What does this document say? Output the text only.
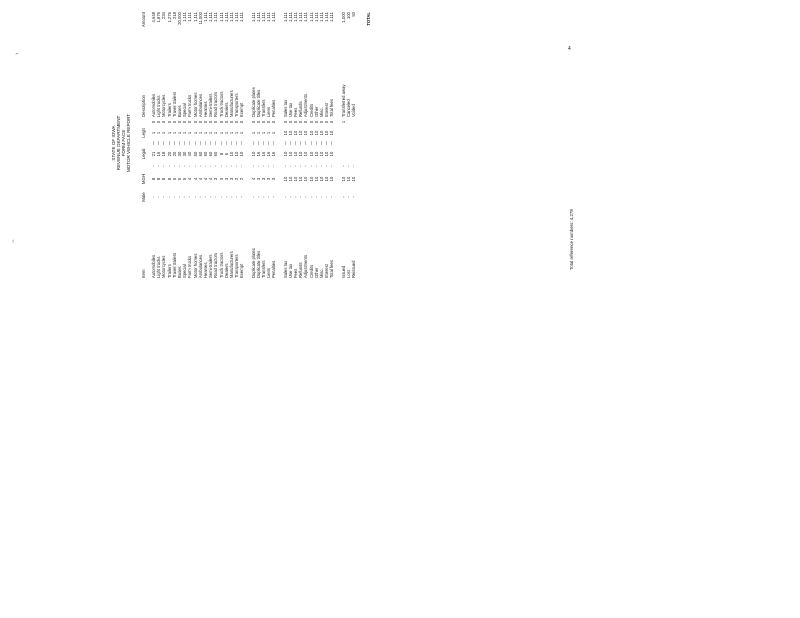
⌃
‹
STATE OF IOWA REVENUE DEPARTMENT FORM FACE MOTOR VEHICLE REPORT
Item
Male
MGH
Legal
Legit
Description
Amount
Automobiles
-
8
-
21
—
1
0
Automobiles
4,648
Light trucks
-
8
-
16
—
1
0
Light trucks
1,876
Motorcycles
-
8
-
18
—
1
0
Motorcycles
234
Trailers
-
8
-
20
—
1
0
Trailers
1,276
Travel trailers
-
5
-
20
—
1
0
Travel trailers
218
Buses
-
5
-
30
—
1
0
Buses
20,000
Special
-
5
-
30
—
1
0
Special
1,111
Farm trucks
-
4
-
40
—
1
0
Farm trucks
1,111
Motor homes
-
4
-
50
—
1
0
Motor homes
1,111
Ambulances
-
4
-
60
—
1
0
Ambulances
11,000
Hearses
-
4
-
60
—
1
0
Hearses
1,111
Semi-trailers
-
4
-
60
—
1
0
Semi-trailers
1,111
Road tractors
-
3
-
60
—
1
0
Road tractors
1,111
Truck tractors
-
3
-
8
—
1
0
Truck tractors
1,111
Dealers
-
3
-
6
—
1
0
Dealers
1,111
Manufacturers
-
3
-
10
—
1
0
Manufacturers
1,111
Transporters
-
2
-
10
—
1
0
Transporters
1,111
Exempt
-
2
-
10
—
1
0
Exempt
1,111
Duplicate plates
-
4
-
10
—
1
0
Duplicate plates
1,111
Duplicate titles
-
3
-
16
—
1
0
Duplicate titles
1,111
Transfers
-
3
-
16
—
1
0
Transfers
1,111
Liens
-
3
-
16
—
1
0
Liens
1,111
Penalties
-
3
-
16
—
1
0
Penalties
1,111
Sales tax
-
10
-
10
—
10
0
Sales tax
1,111
Use tax
-
10
-
10
—
10
0
Use tax
1,111
Fees
-
10
-
10
—
10
0
Fees
1,111
Refunds
-
10
-
10
—
10
0
Refunds
1,111
Adjustments
-
10
-
10
—
10
0
Adjustments
1,111
Credits
-
10
-
10
—
10
0
Credits
1,111
Other
-
10
-
10
—
10
0
Other
1,111
Misc.
-
10
-
10
—
10
0
Misc.
1,111
Interest
-
10
-
10
—
10
0
Interest
1,111
Total fees
-
10
-
10
—
10
0
Total fees
1,111
Issued
-
10
-
1
Transferred away
1,000
Lost
-
10
-
Canceled
100
Reissued
-
10
-
Voided
50 TOTAL
4
Total reference numbers: 4,278
